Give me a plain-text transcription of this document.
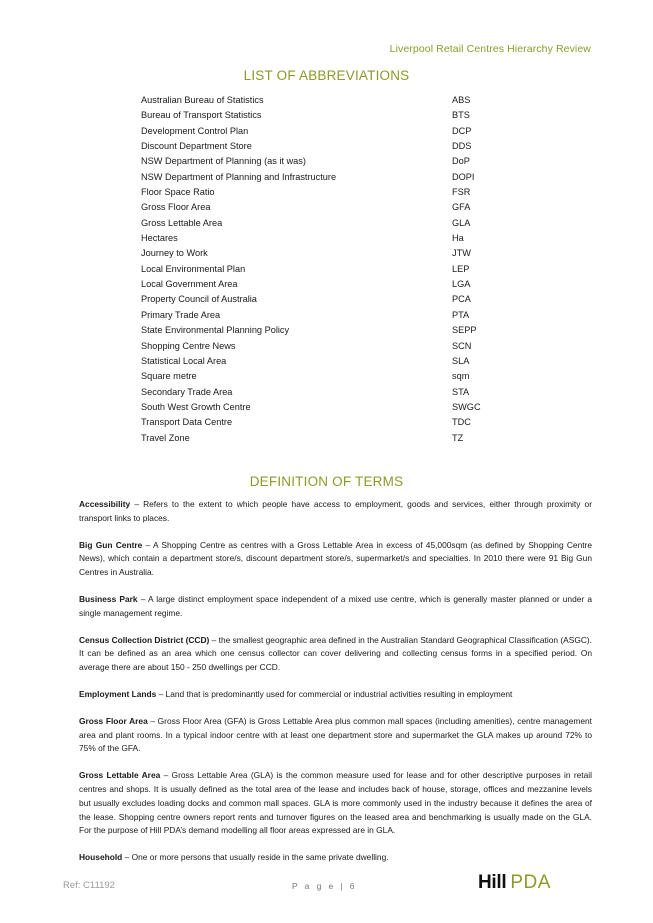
Liverpool Retail Centres Hierarchy Review
LIST OF ABBREVIATIONS
Australian Bureau of Statistics	ABS
Bureau of Transport Statistics	BTS
Development Control Plan	DCP
Discount Department Store	DDS
NSW Department of Planning (as it was)	DoP
NSW Department of Planning and Infrastructure	DOPI
Floor Space Ratio	FSR
Gross Floor Area	GFA
Gross Lettable Area	GLA
Hectares	Ha
Journey to Work	JTW
Local Environmental Plan	LEP
Local Government Area	LGA
Property Council of Australia	PCA
Primary Trade Area	PTA
State Environmental Planning Policy	SEPP
Shopping Centre News	SCN
Statistical Local Area	SLA
Square metre	sqm
Secondary Trade Area	STA
South West Growth Centre	SWGC
Transport Data Centre	TDC
Travel Zone	TZ
DEFINITION OF TERMS

Accessibility – Refers to the extent to which people have access to employment, goods and services, either through proximity or transport links to places.

Big Gun Centre – A Shopping Centre as centres with a Gross Lettable Area in excess of 45,000sqm (as defined by Shopping Centre News), which contain a department store/s, discount department store/s, supermarket/s and specialties. In 2010 there were 91 Big Gun Centres in Australia.

Business Park – A large distinct employment space independent of a mixed use centre, which is generally master planned or under a single management regime.

Census Collection District (CCD) – the smallest geographic area defined in the Australian Standard Geographical Classification (ASGC). It can be defined as an area which one census collector can cover delivering and collecting census forms in a specified period. On average there are about 150 - 250 dwellings per CCD.

Employment Lands – Land that is predominantly used for commercial or industrial activities resulting in employment

Gross Floor Area – Gross Floor Area (GFA) is Gross Lettable Area plus common mall spaces (including amenities), centre management area and plant rooms. In a typical indoor centre with at least one department store and supermarket the GLA makes up around 72% to 75% of the GFA.

Gross Lettable Area – Gross Lettable Area (GLA) is the common measure used for lease and for other descriptive purposes in retail centres and shops. It is usually defined as the total area of the lease and includes back of house, storage, offices and mezzanine levels but usually excludes loading docks and common mall spaces. GLA is more commonly used in the industry because it defines the area of the lease. Shopping centre owners report rents and turnover figures on the leased area and benchmarking is usually made on the GLA. For the purpose of Hill PDA’s demand modelling all floor areas expressed are in GLA.

Household – One or more persons that usually reside in the same private dwelling.

Ref: C11192	P a g e | 6	Hill PDA
